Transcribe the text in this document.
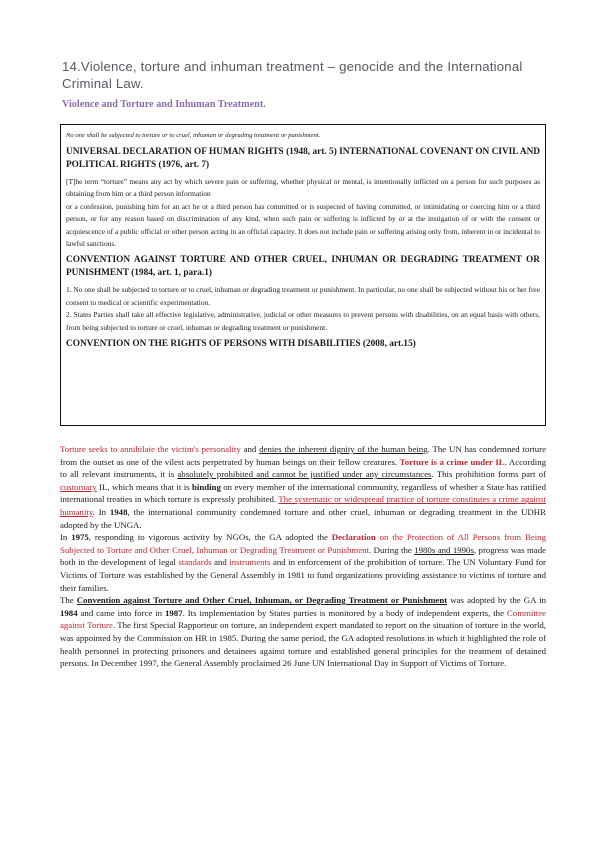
14.Violence, torture and inhuman treatment – genocide and the International Criminal Law.
Violence and Torture and Inhuman Treatment.

No one shall be subjected to torture or to cruel, inhuman or degrading treatment or punishment.

UNIVERSAL DECLARATION OF HUMAN RIGHTS (1948, art. 5) INTERNATIONAL COVENANT ON CIVIL AND POLITICAL RIGHTS (1976, art. 7)

[T]he term “torture” means any act by which severe pain or suffering, whether physical or mental, is intentionally inflicted on a person for such purposes as obtaining from him or a third person information

or a confession, punishing him for an act he or a third person has committed or is suspected of having committed, or intimidating or coercing him or a third person, or for any reason based on discrimination of any kind, when such pain or suffering is inflicted by or at the instigation of or with the consent or acquiescence of a public official or other person acting in an official capacity. It does not include pain or suffering arising only from, inherent in or incidental to lawful sanctions.

CONVENTION AGAINST TORTURE AND OTHER CRUEL, INHUMAN OR DEGRADING TREATMENT OR PUNISHMENT (1984, art. 1, para.1)

1. No one shall be subjected to torture or to cruel, inhuman or degrading treatment or punishment. In particular, no one shall be subjected without his or her free consent to medical or scientific experimentation.

2. States Parties shall take all effective legislative, administrative, judicial or other measures to prevent persons with disabilities, on an equal basis with others, from being subjected to torture or cruel, inhuman or degrading treatment or punishment.

CONVENTION ON THE RIGHTS OF PERSONS WITH DISABILITIES (2008, art.15)

Torture seeks to annihilate the victim's personality and denies the inherent dignity of the human being. The UN has condemned torture from the outset as one of the vilest acts perpetrated by human beings on their fellow creatures. Torture is a crime under IL. According to all relevant instruments, it is absolutely prohibited and cannot be justified under any circumstances. This prohibition forms part of customary IL, which means that it is binding on every member of the international community, regardless of whether a State has ratified international treaties in which torture is expressly prohibited. The systematic or widespread practice of torture constitutes a crime against humanity. In 1948, the international community condemned torture and other cruel, inhuman or degrading treatment in the UDHR adopted by the UNGA.

In 1975, responding to vigorous activity by NGOs, the GA adopted the Declaration on the Protection of All Persons from Being Subjected to Torture and Other Cruel, Inhuman or Degrading Treatment or Punishment. During the 1980s and 1990s, progress was made both in the development of legal standards and instruments and in enforcement of the prohibition of torture. The UN Voluntary Fund for Victims of Torture was established by the General Assembly in 1981 to fund organizations providing assistance to victims of torture and their families.

The Convention against Torture and Other Cruel, Inhuman, or Degrading Treatment or Punishment was adopted by the GA in 1984 and came into force in 1987. Its implementation by States parties is monitored by a body of independent experts, the Committee against Torture. The first Special Rapporteur on torture, an independent expert mandated to report on the situation of torture in the world, was appointed by the Commission on HR in 1985. During the same period, the GA adopted resolutions in which it highlighted the role of health personnel in protecting prisoners and detainees against torture and established general principles for the treatment of detained persons. In December 1997, the General Assembly proclaimed 26 June UN International Day in Support of Victims of Torture.
